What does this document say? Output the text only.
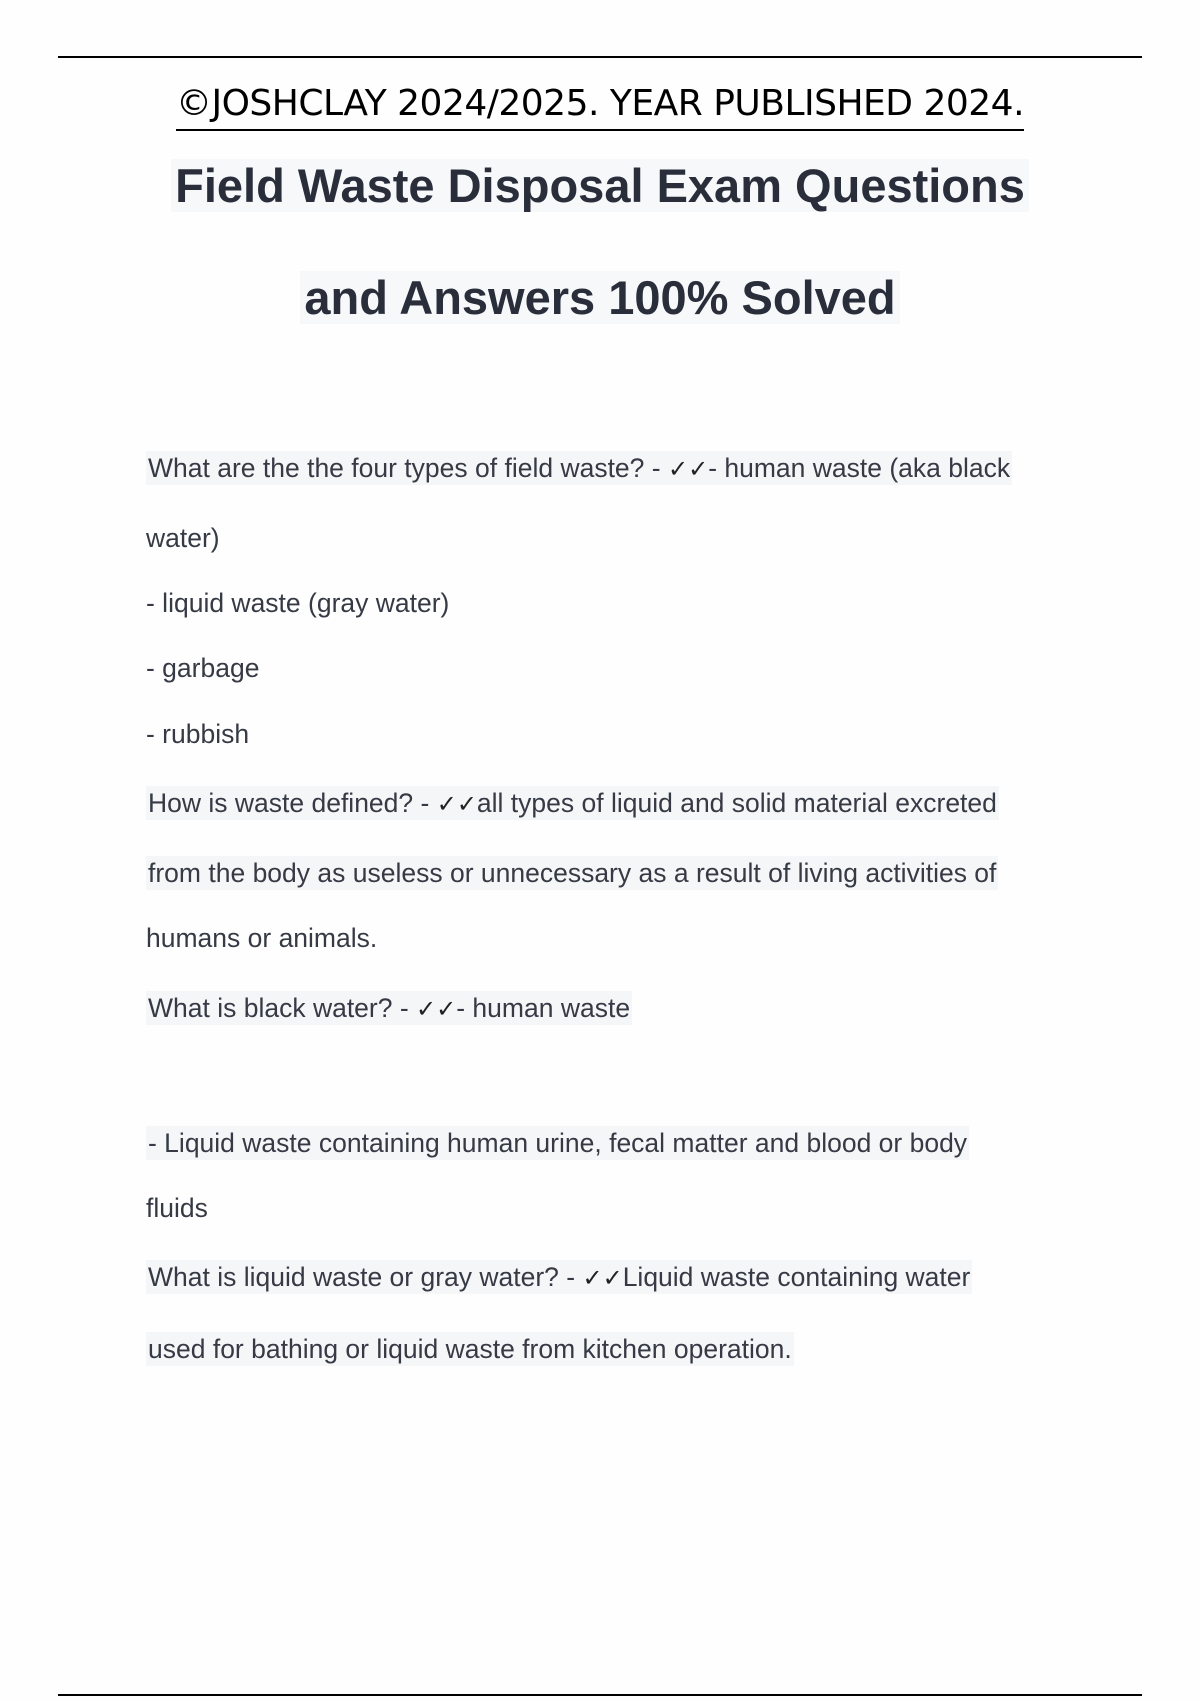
©JOSHCLAY 2024/2025. YEAR PUBLISHED 2024.
Field Waste Disposal Exam Questions
and Answers 100% Solved
What are the the four types of field waste? - ✓✓- human waste (aka black
water)
- liquid waste (gray water)
- garbage
- rubbish
How is waste defined? - ✓✓all types of liquid and solid material excreted
from the body as useless or unnecessary as a result of living activities of
humans or animals.
What is black water? - ✓✓- human waste
- Liquid waste containing human urine, fecal matter and blood or body
fluids
What is liquid waste or gray water? - ✓✓Liquid waste containing water
used for bathing or liquid waste from kitchen operation.
